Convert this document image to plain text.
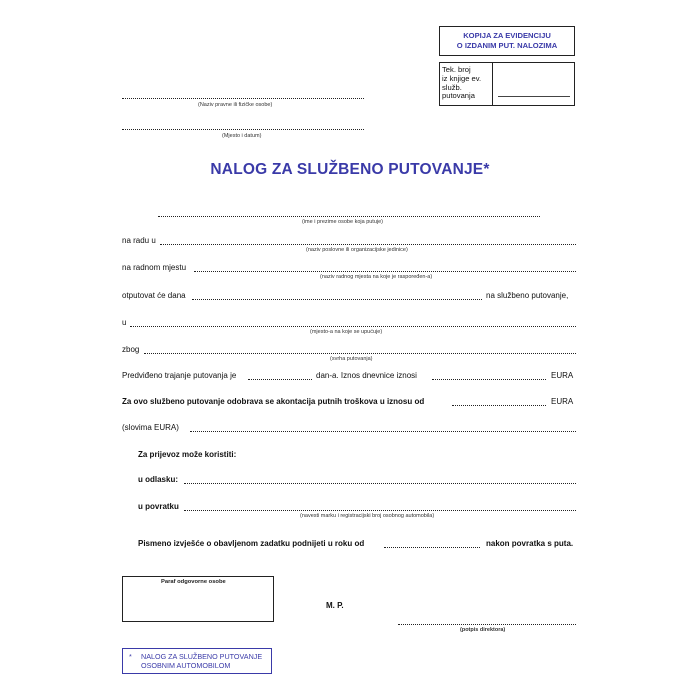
KOPIJA ZA EVIDENCIJU
O IZDANIM PUT. NALOZIMA
Tek. broj
iz knjige ev.
služb.
putovanja
(Naziv pravne ili fizičke osobe)
(Mjesto i datum)
NALOG ZA SLUŽBENO PUTOVANJE*
(ime i prezime osobe koja putuje)
na radu u
(naziv poslovne ili organizacijske jedinice)
na radnom mjestu
(naziv radnog mjesta na koje je raspoređen-a)
otputovat će dana	na službeno putovanje,
u
(mjesto-a na koje se upućuje)
zbog
(svrha putovanja)
Predviđeno trajanje putovanja je	dan-a. Iznos dnevnice iznosi	EURA
Za ovo službeno putovanje odobrava se akontacija putnih troškova u iznosu od	EURA
(slovima EURA)
Za prijevoz može koristiti:
u odlasku:
u povratku
(navesti marku i registracijski broj osobnog automobila)
Pismeno izvješće o obavljenom zadatku podnijeti u roku od	nakon povratka s puta.
Paraf odgovorne osobe
M. P.
(potpis direktora)
* NALOG ZA SLUŽBENO PUTOVANJE
OSOBNIM AUTOMOBILOM
